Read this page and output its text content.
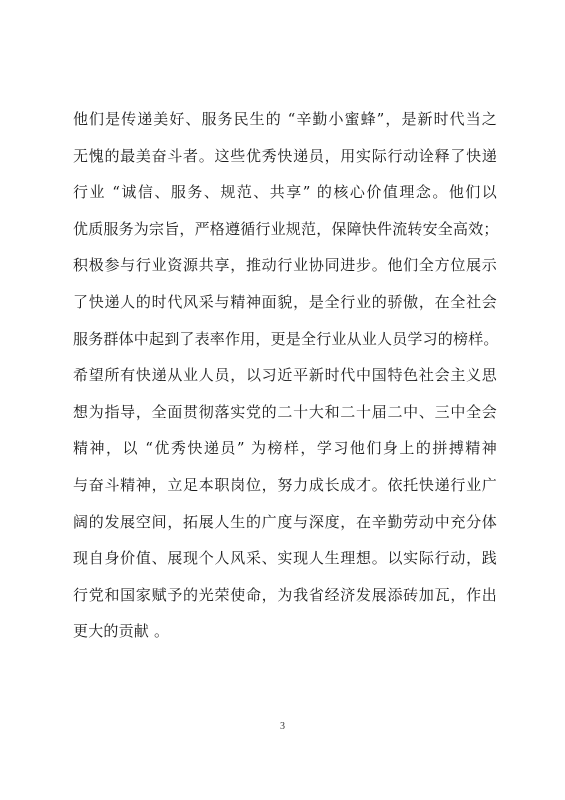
他们是传递美好、服务民生的 “辛勤小蜜蜂”，是新时代当之
无愧的最美奋斗者。这些优秀快递员，用实际行动诠释了快递
行业 “诚信、服务、规范、共享” 的核心价值理念。他们以
优质服务为宗旨，严格遵循行业规范，保障快件流转安全高效；
积极参与行业资源共享，推动行业协同进步。他们全方位展示
了快递人的时代风采与精神面貌，是全行业的骄傲，在全社会
服务群体中起到了表率作用，更是全行业从业人员学习的榜样。
希望所有快递从业人员，以习近平新时代中国特色社会主义思
想为指导，全面贯彻落实党的二十大和二十届二中、三中全会
精神，以 “优秀快递员” 为榜样，学习他们身上的拼搏精神
与奋斗精神，立足本职岗位，努力成长成才。依托快递行业广
阔的发展空间，拓展人生的广度与深度，在辛勤劳动中充分体
现自身价值、展现个人风采、实现人生理想。以实际行动，践
行党和国家赋予的光荣使命，为我省经济发展添砖加瓦，作出
更大的贡献 。
3
